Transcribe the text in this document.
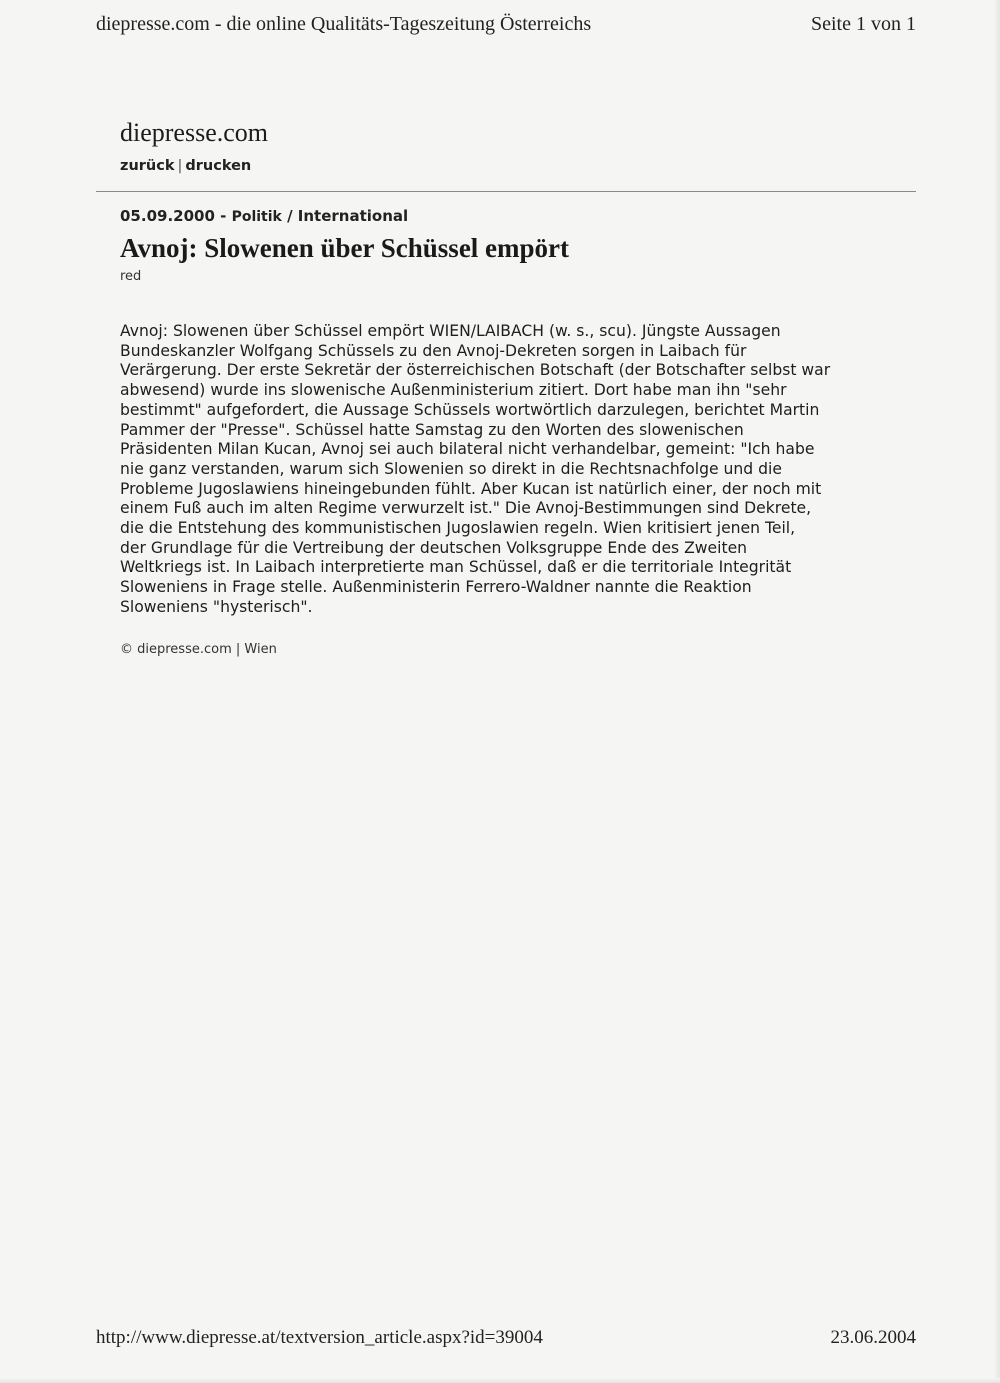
diepresse.com - die online Qualitäts-Tageszeitung Österreichs	Seite 1 von 1
diepresse.com
zurück | drucken
05.09.2000 - Politik / International
Avnoj: Slowenen über Schüssel empört
red
Avnoj: Slowenen über Schüssel empört WIEN/LAIBACH (w. s., scu). Jüngste Aussagen
Bundeskanzler Wolfgang Schüssels zu den Avnoj-Dekreten sorgen in Laibach für
Verärgerung. Der erste Sekretär der österreichischen Botschaft (der Botschafter selbst war
abwesend) wurde ins slowenische Außenministerium zitiert. Dort habe man ihn "sehr
bestimmt" aufgefordert, die Aussage Schüssels wortwörtlich darzulegen, berichtet Martin
Pammer der "Presse". Schüssel hatte Samstag zu den Worten des slowenischen
Präsidenten Milan Kucan, Avnoj sei auch bilateral nicht verhandelbar, gemeint: "Ich habe
nie ganz verstanden, warum sich Slowenien so direkt in die Rechtsnachfolge und die
Probleme Jugoslawiens hineingebunden fühlt. Aber Kucan ist natürlich einer, der noch mit
einem Fuß auch im alten Regime verwurzelt ist." Die Avnoj-Bestimmungen sind Dekrete,
die die Entstehung des kommunistischen Jugoslawien regeln. Wien kritisiert jenen Teil,
der Grundlage für die Vertreibung der deutschen Volksgruppe Ende des Zweiten
Weltkriegs ist. In Laibach interpretierte man Schüssel, daß er die territoriale Integrität
Sloweniens in Frage stelle. Außenministerin Ferrero-Waldner nannte die Reaktion
Sloweniens "hysterisch".
© diepresse.com | Wien
http://www.diepresse.at/textversion_article.aspx?id=39004	23.06.2004
